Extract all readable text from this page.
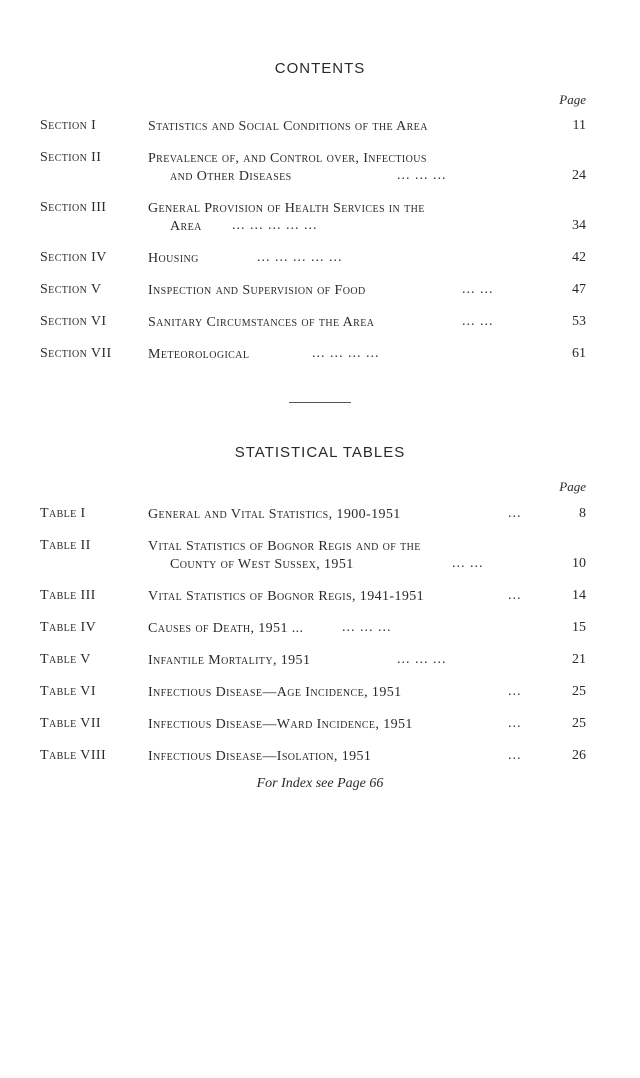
CONTENTS
Page
Section I	Statistics and Social Conditions of the Area	11
Section II	Prevalence of, and Control over, Infectious
and Other Diseases	... ... ...	24
Section III	General Provision of Health Services in the
Area ... ... ... ... ...	34
Section IV	Housing	... ... ... ... ...	42
Section V	Inspection and Supervision of Food	... ...	47
Section VI	Sanitary Circumstances of the Area	... ...	53
Section VII	Meteorological	... ... ... ...	61
STATISTICAL TABLES
Page
Table I	General and Vital Statistics, 1900-1951	...	8
Table II	Vital Statistics of Bognor Regis and of the
County of West Sussex, 1951	... ...	10
Table III	Vital Statistics of Bognor Regis, 1941-1951	...	14
Table IV	Causes of Death, 1951 ...	... ... ...	15
Table V	Infantile Mortality, 1951	... ... ...	21
Table VI	Infectious Disease—Age Incidence, 1951	...	25
Table VII	Infectious Disease—Ward Incidence, 1951	...	25
Table VIII	Infectious Disease—Isolation, 1951	...	26
For Index see Page 66
